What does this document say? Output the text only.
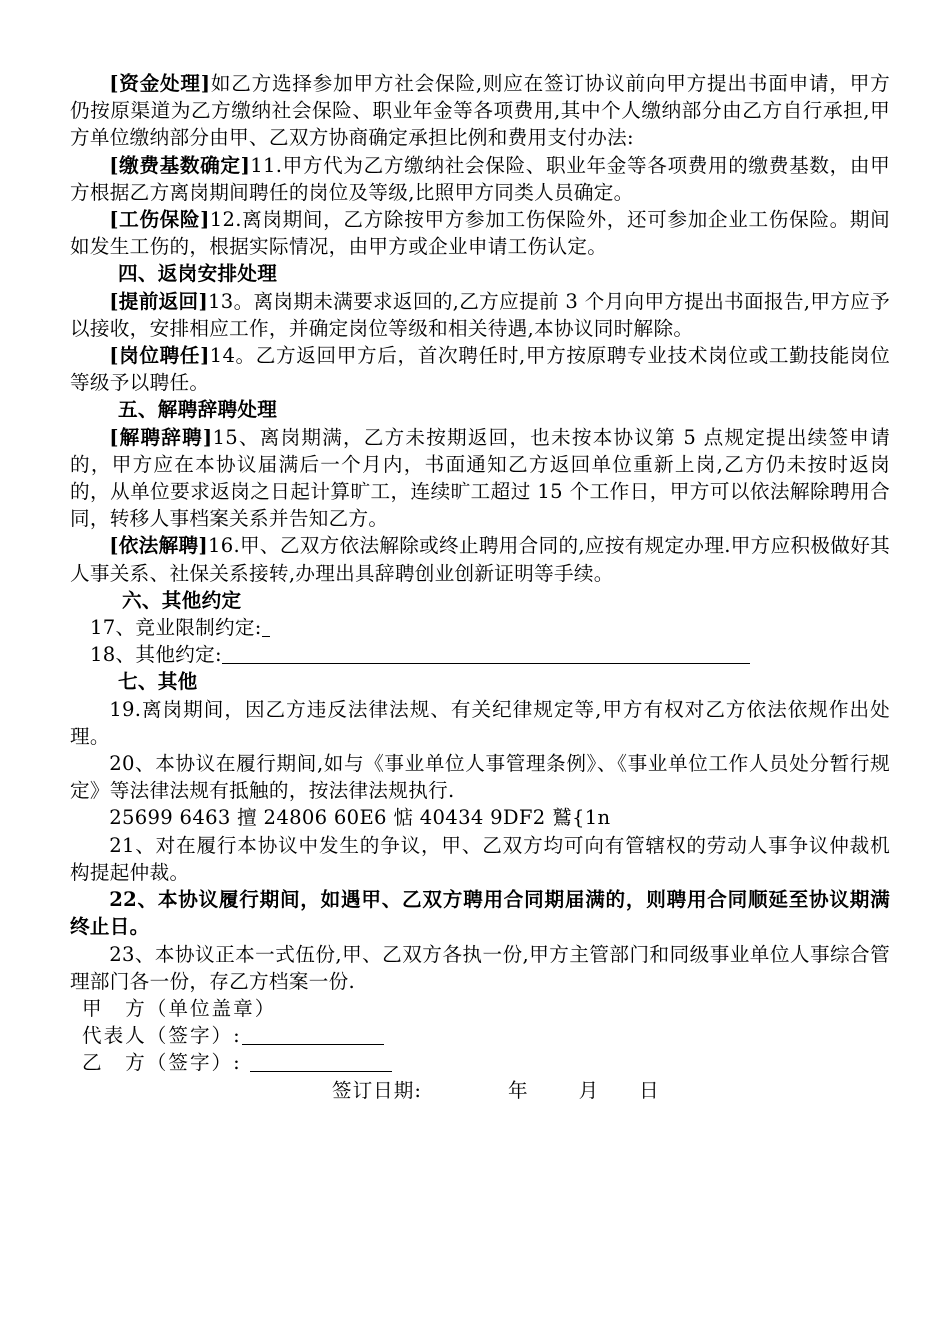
[资金处理]如乙方选择参加甲方社会保险,则应在签订协议前向甲方提出书面申请，甲方仍按原渠道为乙方缴纳社会保险、职业年金等各项费用,其中个人缴纳部分由乙方自行承担,甲方单位缴纳部分由甲、乙双方协商确定承担比例和费用支付办法:

[缴费基数确定]11.甲方代为乙方缴纳社会保险、职业年金等各项费用的缴费基数，由甲方根据乙方离岗期间聘任的岗位及等级,比照甲方同类人员确定。

[工伤保险]12.离岗期间，乙方除按甲方参加工伤保险外，还可参加企业工伤保险。期间如发生工伤的，根据实际情况，由甲方或企业申请工伤认定。

四、返岗安排处理

[提前返回]13。离岗期未满要求返回的,乙方应提前 3 个月向甲方提出书面报告,甲方应予以接收，安排相应工作，并确定岗位等级和相关待遇,本协议同时解除。

[岗位聘任]14。乙方返回甲方后，首次聘任时,甲方按原聘专业技术岗位或工勤技能岗位等级予以聘任。

五、解聘辞聘处理

[解聘辞聘]15、离岗期满，乙方未按期返回，也未按本协议第 5 点规定提出续签申请的，甲方应在本协议届满后一个月内，书面通知乙方返回单位重新上岗,乙方仍未按时返岗的，从单位要求返岗之日起计算旷工，连续旷工超过 15 个工作日，甲方可以依法解除聘用合同，转移人事档案关系并告知乙方。

[依法解聘]16.甲、乙双方依法解除或终止聘用合同的,应按有规定办理.甲方应积极做好其人事关系、社保关系接转,办理出具辞聘创业创新证明等手续。

六、其他约定

17、竞业限制约定:

18、其他约定:

七、其他

19.离岗期间，因乙方违反法律法规、有关纪律规定等,甲方有权对乙方依法依规作出处理。

20、本协议在履行期间,如与《事业单位人事管理条例》、《事业单位工作人员处分暂行规定》等法律法规有抵触的，按法律法规执行.

25699 6463 擅 24806 60E6 惦 40434 9DF2 鷲{1n

21、对在履行本协议中发生的争议，甲、乙双方均可向有管辖权的劳动人事争议仲裁机构提起仲裁。

22、本协议履行期间，如遇甲、乙双方聘用合同期届满的，则聘用合同顺延至协议期满终止日。

23、本协议正本一式伍份,甲、乙双方各执一份,甲方主管部门和同级事业单位人事综合管理部门各一份，存乙方档案一份.

甲　方（单位盖章）

代表人（签字）:

乙　方（签字）:

签订日期:	年	月 日
